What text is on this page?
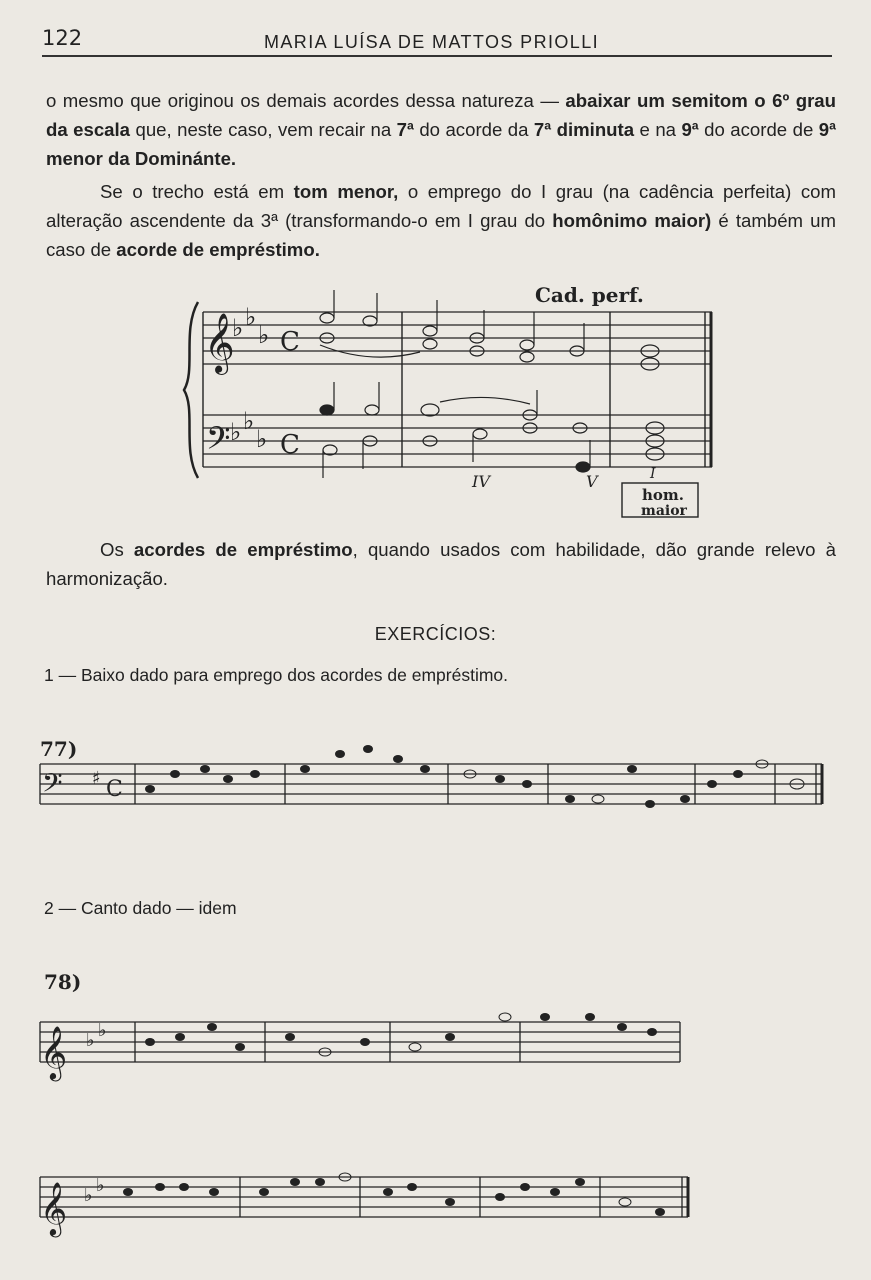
122	MARIA LUÍSA DE MATTOS PRIOLLI

o mesmo que originou os demais acordes dessa natureza — abaixar um semitom o 6º grau da escala que, neste caso, vem recair na 7ª do acorde da 7ª diminuta e na 9ª do acorde de 9ª menor da Dominánte.

Se o trecho está em tom menor, o emprego do I grau (na cadência perfeita) com alteração ascendente da 3ª (transformando-o em I grau do homônimo maior) é também um caso de acorde de empréstimo.

𝄞
𝄢
♭ ♭
♭
♭ ♭
♭
C
C
Cad. perf.
IV	V	I
hom.
maior
𝄢 ♯ C
𝄞 ♭ ♭
𝄞 ♭ ♭

Os acordes de empréstimo, quando usados com habilidade, dão grande relevo à harmonização.

EXERCÍCIOS:
1 — Baixo dado para emprego dos acordes de empréstimo.
77)
2 — Canto dado — idem
78)
